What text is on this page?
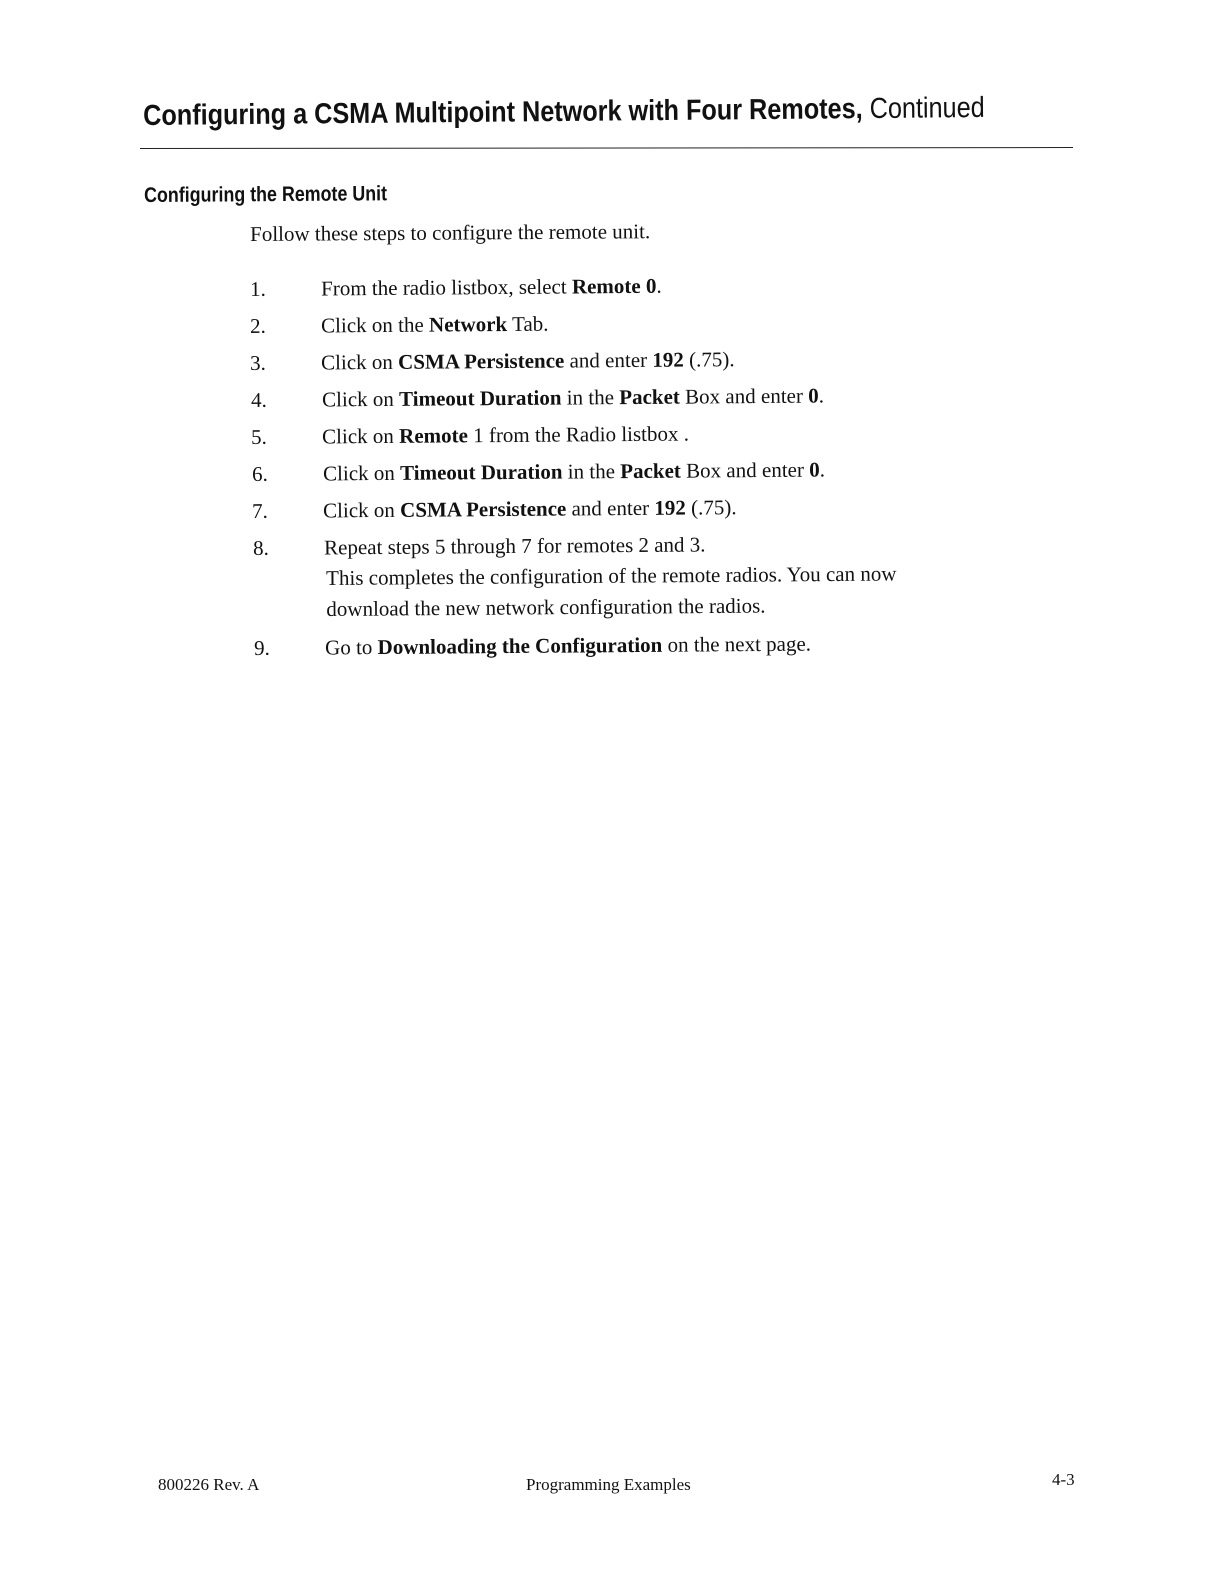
Configuring a CSMA Multipoint Network with Four Remotes, Continued
Configuring the Remote Unit
Follow these steps to configure the remote unit.
1.	From the radio listbox, select Remote 0.
2.	Click on the Network Tab.
3.	Click on CSMA Persistence and enter 192 (.75).
4.	Click on Timeout Duration in the Packet Box and enter 0.
5.	Click on Remote 1 from the Radio listbox .
6.	Click on Timeout Duration in the Packet Box and enter 0.
7.	Click on CSMA Persistence and enter 192 (.75).
8.	Repeat steps 5 through 7 for remotes 2 and 3.
9.	Go to Downloading the Configuration on the next page.
This completes the configuration of the remote radios. You can now
download the new network configuration the radios.
800226 Rev. A	Programming Examples	4-3
